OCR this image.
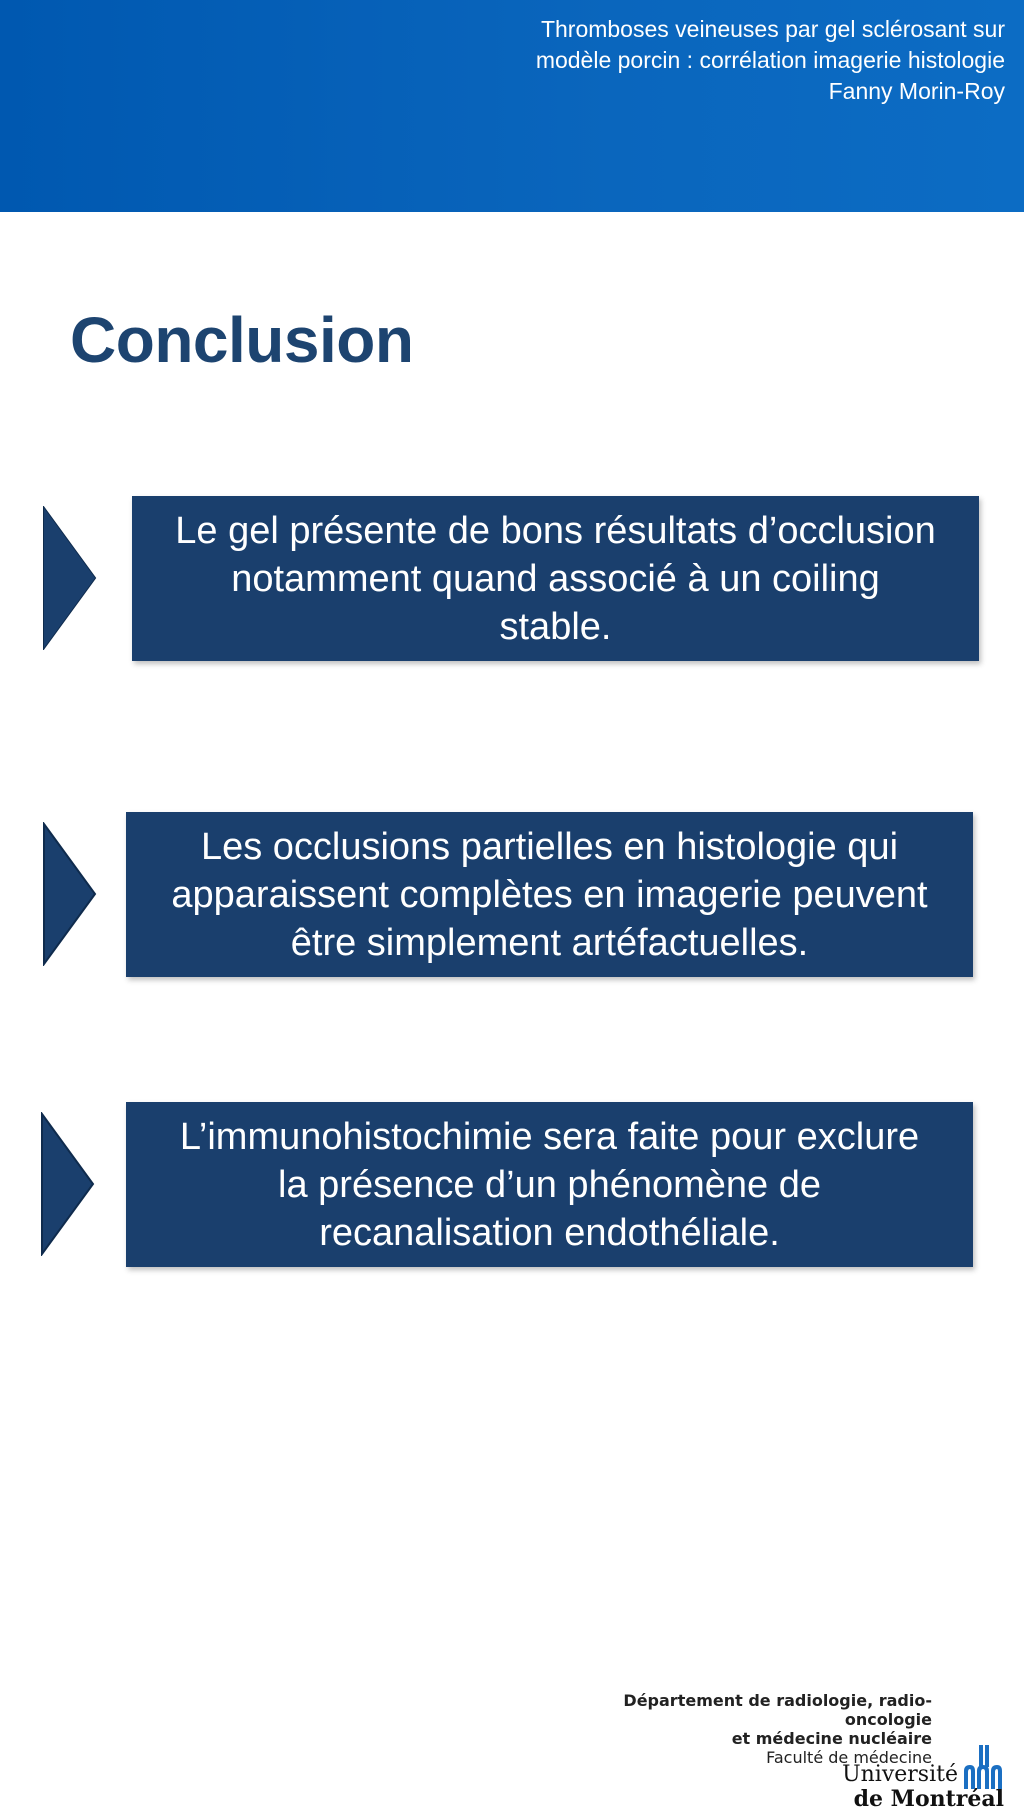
Thromboses veineuses par gel sclérosant sur
modèle porcin : corrélation imagerie histologie
Fanny Morin-Roy
Conclusion
Le gel présente de bons résultats d’occlusion
notamment quand associé à un coiling
stable.
Les occlusions partielles en histologie qui
apparaissent complètes en imagerie peuvent
être simplement artéfactuelles.
L’immunohistochimie sera faite pour exclure
la présence d’un phénomène de
recanalisation endothéliale.
Département de radiologie, radio-oncologie
et médecine nucléaire
Faculté de médecine
Université
de Montréal
